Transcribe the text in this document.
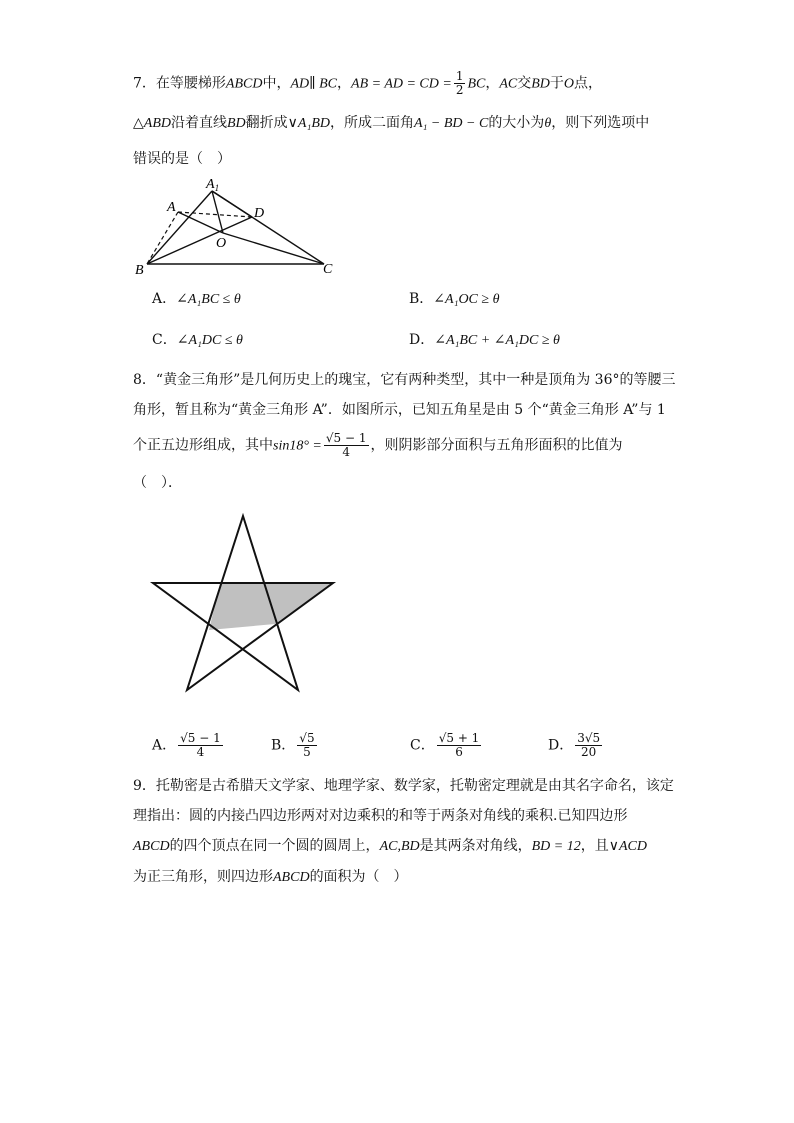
7．在等腰梯形ABCD中，AD∥ BC，AB = AD = CD = $\frac{1}{2}$ BC，AC交BD于O点，
△ABD沿着直线BD翻折成∨A₁BD，所成二面角A₁ − BD − C的大小为θ，则下列选项中
错误的是（　）
$A_1$
A	D
O
B	C
A．∠A₁BC ≤ θ	B．∠A₁OC ≥ θ
C．∠A₁DC ≤ θ	D．∠A₁BC + ∠A₁DC ≥ θ
8．“黄金三角形”是几何历史上的瑰宝，它有两种类型，其中一种是顶角为 36°的等腰三
角形，暂且称为“黄金三角形 A”．如图所示，已知五角星是由 5 个“黄金三角形 A”与 1
个正五边形组成，其中$\sin 18^\circ = \frac{√5 - 1}{4}$ ，则阴影部分面积与五角形面积的比值为
（　）．
A． $\frac{√5 - 1}{4}$	B． $\frac{√5}{5}$	C． $\frac{√5 + 1}{6}$	D． $\frac{3√5}{20}$
9．托勒密是古希腊天文学家、地理学家、数学家，托勒密定理就是由其名字命名，该定
理指出：圆的内接凸四边形两对对边乘积的和等于两条对角线的乘积.已知四边形
ABCD的四个顶点在同一个圆的圆周上，AC,BD是其两条对角线，BD = 12，且∨ACD
为正三角形，则四边形ABCD的面积为（　）
